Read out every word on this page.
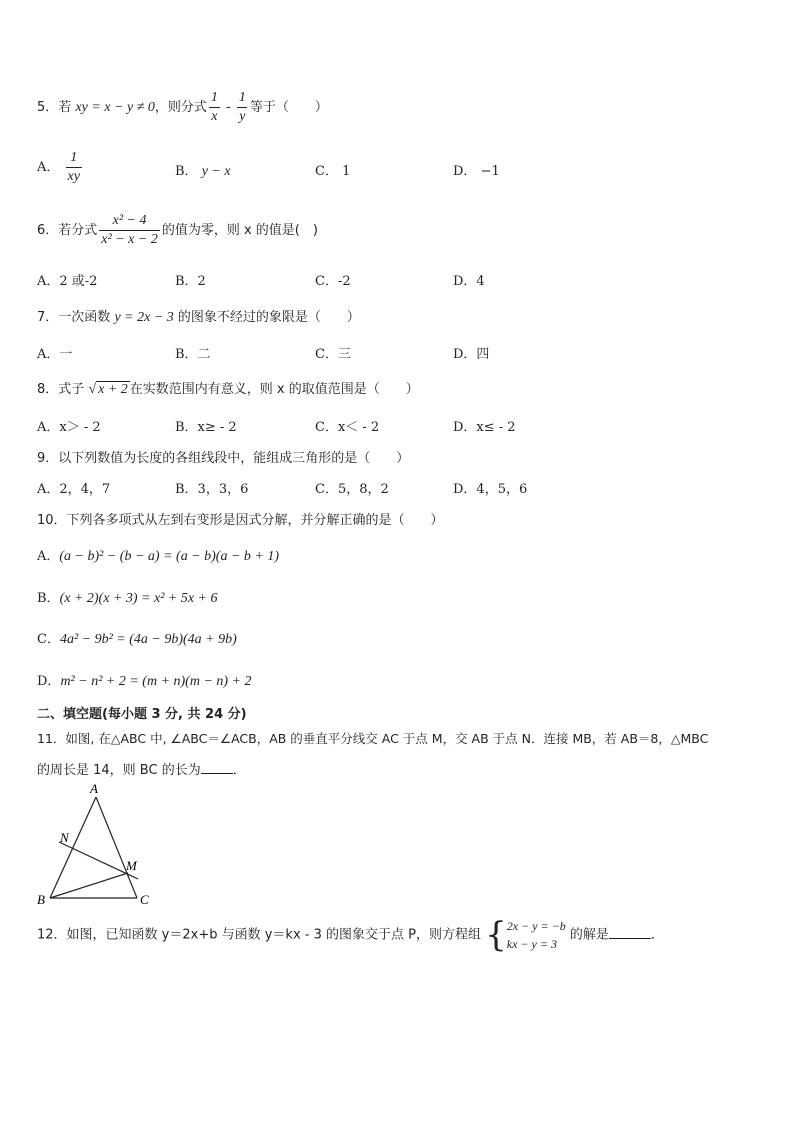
5．若 xy = x − y ≠ 0，则分式 $\frac{1}{x} - \frac{1}{y}$ 等于（　　）
A． $\frac{1}{xy}$	B． y − x	C． 1	D． −1
6．若分式 $\frac{\text{x² − 4}}{\text{x² − x − 2}}$ 的值为零，则 x 的值是(　)
A．2 或-2	B．2	C．-2	D．4
7．一次函数 y = 2x − 3 的图象不经过的象限是（　　）
A．一	B．二	C．三	D．四
8．式子 √ x + 2 在实数范围内有意义，则 x 的取值范围是（　　）
A．x＞ - 2	B．x≥ - 2	C．x＜ - 2	D．x≤ - 2
9．以下列数值为长度的各组线段中，能组成三角形的是（　　）
A．2，4，7	B．3，3，6	C．5，8，2	D．4，5，6
10．下列各多项式从左到右变形是因式分解，并分解正确的是（　　）
A．(a − b)² − (b − a) = (a − b)(a − b + 1)
B．(x + 2)(x + 3) = x² + 5x + 6
C．4a² − 9b² = (4a − 9b)(4a + 9b)
D．m² − n² + 2 = (m + n)(m − n) + 2
二、填空题(每小题 3 分, 共 24 分)
11．如图, 在△ABC 中, ∠ABC＝∠ACB，AB 的垂直平分线交 AC 于点 M，交 AB 于点 N．连接 MB，若 AB＝8，△MBC
的周长是 14，则 BC 的长为 ．
A
B	C
M
N
12．如图，已知函数 y＝2x+b 与函数 y＝kx - 3 的图象交于点 P，则方程组 { 2x − y = −b
kx − y = 3
的解是	．
